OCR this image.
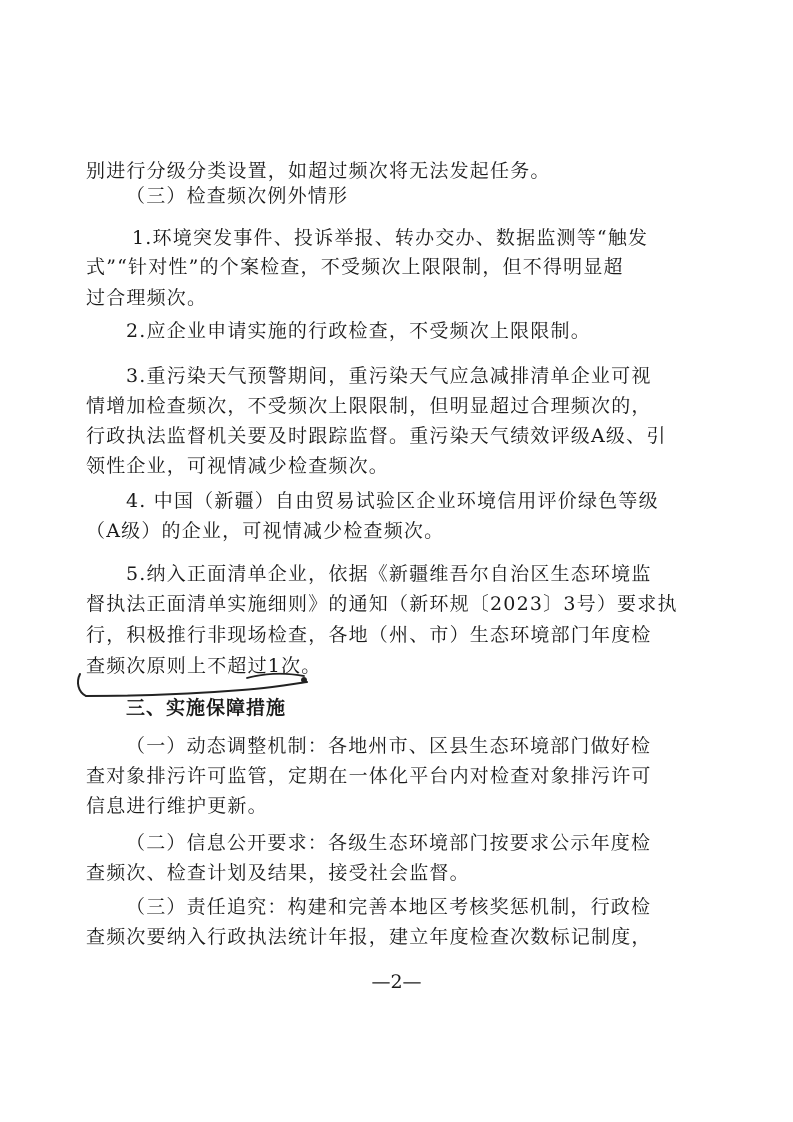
别进行分级分类设置，如超过频次将无法发起任务。
（三）检查频次例外情形
1.环境突发事件、投诉举报、转办交办、数据监测等“触发
式”“针对性”的个案检查，不受频次上限限制，但不得明显超
过合理频次。
2.应企业申请实施的行政检查，不受频次上限限制。
3.重污染天气预警期间，重污染天气应急减排清单企业可视
情增加检查频次，不受频次上限限制，但明显超过合理频次的，
行政执法监督机关要及时跟踪监督。重污染天气绩效评级A级、引
领性企业，可视情减少检查频次。
4. 中国（新疆）自由贸易试验区企业环境信用评价绿色等级
（A级）的企业，可视情减少检查频次。
5.纳入正面清单企业，依据《新疆维吾尔自治区生态环境监
督执法正面清单实施细则》的通知（新环规〔2023〕3号）要求执
行，积极推行非现场检查，各地（州、市）生态环境部门年度检
查频次原则上不超过1次。
三、实施保障措施
（一）动态调整机制：各地州市、区县生态环境部门做好检
查对象排污许可监管，定期在一体化平台内对检查对象排污许可
信息进行维护更新。
（二）信息公开要求：各级生态环境部门按要求公示年度检
查频次、检查计划及结果，接受社会监督。
（三）责任追究：构建和完善本地区考核奖惩机制，行政检
查频次要纳入行政执法统计年报，建立年度检查次数标记制度，
—2—
